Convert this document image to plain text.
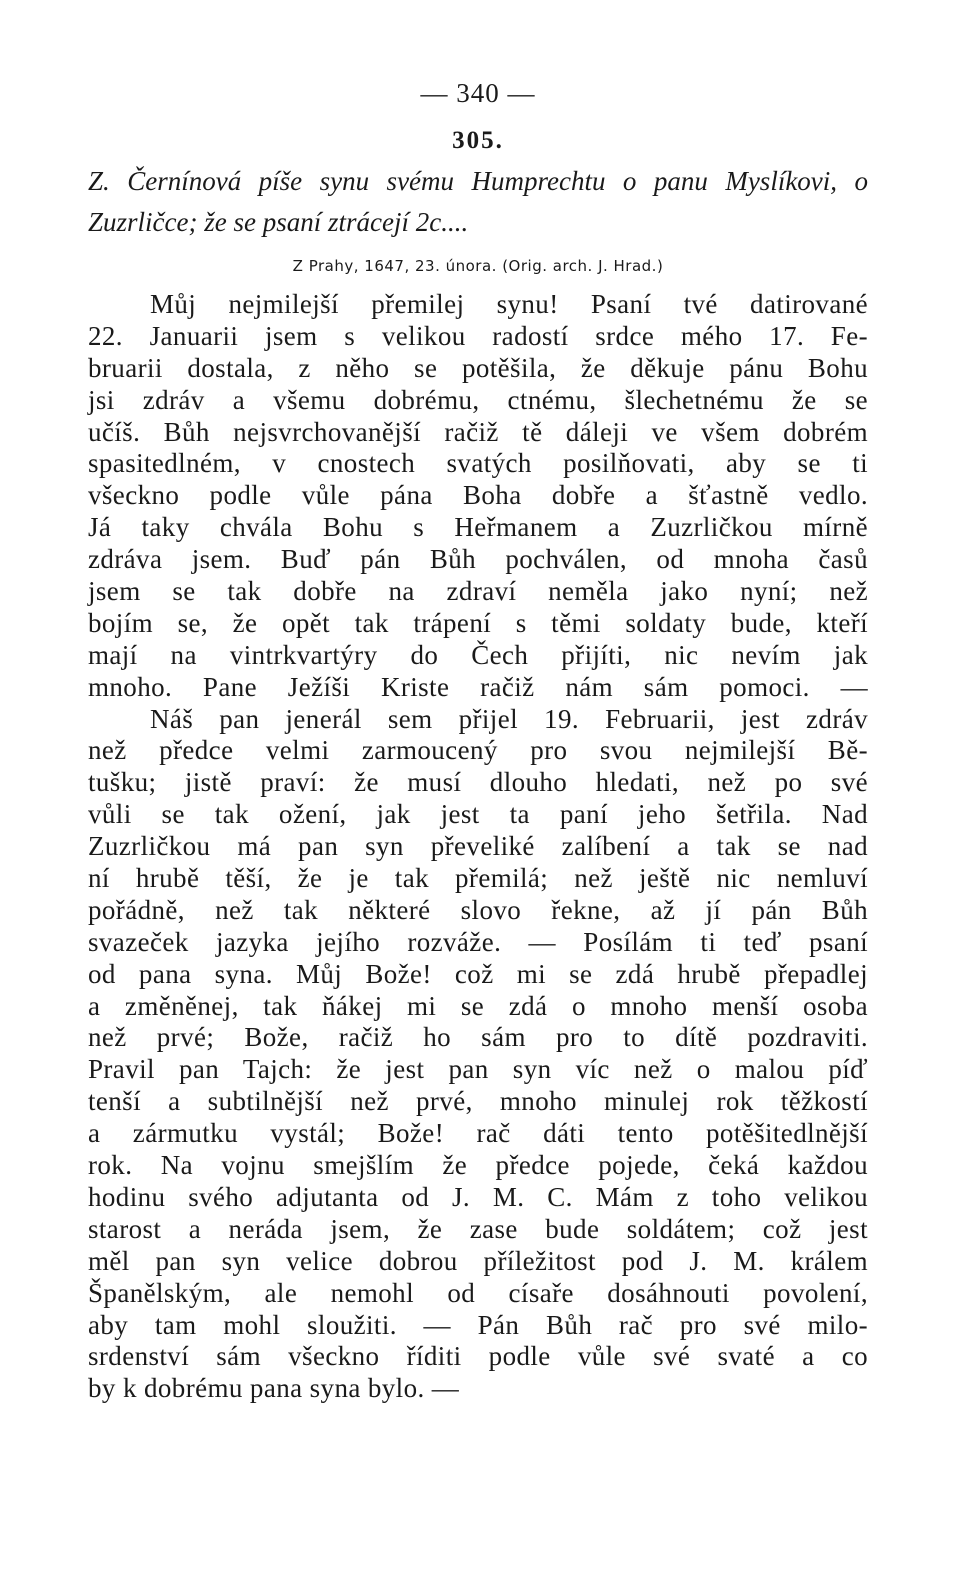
— 340 —
305.
Z. Černínová píše synu svému Humprechtu o panu Myslíkovi, o Zuzrličce; že se psaní ztrácejí 2c....
Z Prahy, 1647, 23. února. (Orig. arch. J. Hrad.)
Můj nejmilejší přemilej synu! Psaní tvé datirované
22. Januarii jsem s velikou radostí srdce mého 17. Fe-
bruarii dostala, z něho se potěšila, že děkuje pánu Bohu
jsi zdráv a všemu dobrému, ctnému, šlechetnému že se
učíš. Bůh nejsvrchovanější račiž tě dáleji ve všem dobrém
spasitedlném, v cnostech svatých posilňovati, aby se ti
všeckno podle vůle pána Boha dobře a šťastně vedlo.
Já taky chvála Bohu s Heřmanem a Zuzrličkou mírně
zdráva jsem. Buď pán Bůh pochválen, od mnoha časů
jsem se tak dobře na zdraví neměla jako nyní; než
bojím se, že opět tak trápení s těmi soldaty bude, kteří
mají na vintrkvartýry do Čech přijíti, nic nevím jak
mnoho. Pane Ježíši Kriste račiž nám sám pomoci. —
Náš pan jenerál sem přijel 19. Februarii, jest zdráv
než předce velmi zarmoucený pro svou nejmilejší Bě-
tušku; jistě praví: že musí dlouho hledati, než po své
vůli se tak ožení, jak jest ta paní jeho šetřila. Nad
Zuzrličkou má pan syn převeliké zalíbení a tak se nad
ní hrubě těší, že je tak přemilá; než ještě nic nemluví
pořádně, než tak některé slovo řekne, až jí pán Bůh
svazeček jazyka jejího rozváže. — Posílám ti teď psaní
od pana syna. Můj Bože! což mi se zdá hrubě přepadlej
a změněnej, tak ňákej mi se zdá o mnoho menší osoba
než prvé; Bože, račiž ho sám pro to dítě pozdraviti.
Pravil pan Tajch: že jest pan syn víc než o malou píď
tenší a subtilnější než prvé, mnoho minulej rok těžkostí
a zármutku vystál; Bože! rač dáti tento potěšitedlnější
rok. Na vojnu smejšlím že předce pojede, čeká každou
hodinu svého adjutanta od J. M. C. Mám z toho velikou
starost a neráda jsem, že zase bude soldátem; což jest
měl pan syn velice dobrou příležitost pod J. M. králem
Španělským, ale nemohl od císaře dosáhnouti povolení,
aby tam mohl sloužiti. — Pán Bůh rač pro své milo-
srdenství sám všeckno říditi podle vůle své svaté a co
by k dobrému pana syna bylo. —
